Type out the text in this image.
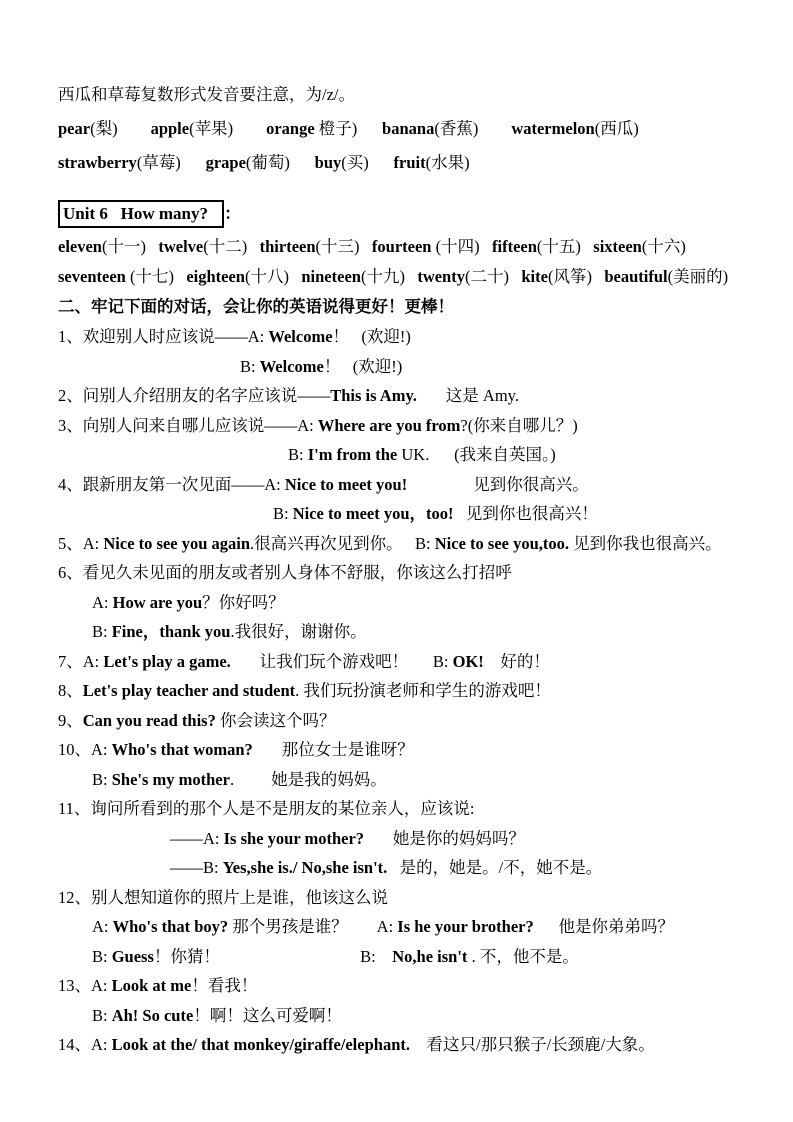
西瓜和草莓复数形式发音要注意，为/z/。
pear(梨)        apple(苹果)        orange 橙子)      banana(香蕉)        watermelon(西瓜)
strawberry(草莓)      grape(葡萄)      buy(买)      fruit(水果)
Unit 6   How many? ：
eleven(十一)   twelve(十二)   thirteen(十三)   fourteen (十四)   fifteen(十五)   sixteen(十六)
seventeen (十七)   eighteen(十八)   nineteen(十九)   twenty(二十)   kite(风筝)   beautiful(美丽的)
二、牢记下面的对话，会让你的英语说得更好！更棒！
1、欢迎别人时应该说——A: Welcome！   (欢迎!)
B: Welcome！   (欢迎!)
2、问别人介绍朋友的名字应该说——This is Amy.       这是 Amy.
3、向别人问来自哪儿应该说——A: Where are you from?(你来自哪儿？)
B: I'm from the UK.      (我来自英国。)
4、跟新朋友第一次见面——A: Nice to meet you!                见到你很高兴。
B: Nice to meet you，too!   见到你也很高兴！
5、A: Nice to see you again.很高兴再次见到你。   B: Nice to see you,too. 见到你我也很高兴。
6、看见久未见面的朋友或者别人身体不舒服，你该这么打招呼
A: How are you？你好吗？
B: Fine，thank you.我很好，谢谢你。
7、A: Let's play a game.       让我们玩个游戏吧！      B: OK!    好的！
8、Let's play teacher and student. 我们玩扮演老师和学生的游戏吧！
9、Can you read this? 你会读这个吗？
10、A: Who's that woman?       那位女士是谁呀？
B: She's my mother.         她是我的妈妈。
11、询问所看到的那个人是不是朋友的某位亲人，应该说:
——A: Is she your mother?       她是你的妈妈吗？
——B: Yes,she is./ No,she isn't.   是的，她是。/不，她不是。
12、别人想知道你的照片上是谁，他该这么说
A: Who's that boy? 那个男孩是谁？       A: Is he your brother?      他是你弟弟吗？
B: Guess！你猜！                                  B:    No,he isn't . 不，他不是。
13、A: Look at me！看我！
B: Ah! So cute！啊！这么可爱啊！
14、A: Look at the/ that monkey/giraffe/elephant.    看这只/那只猴子/长颈鹿/大象。
